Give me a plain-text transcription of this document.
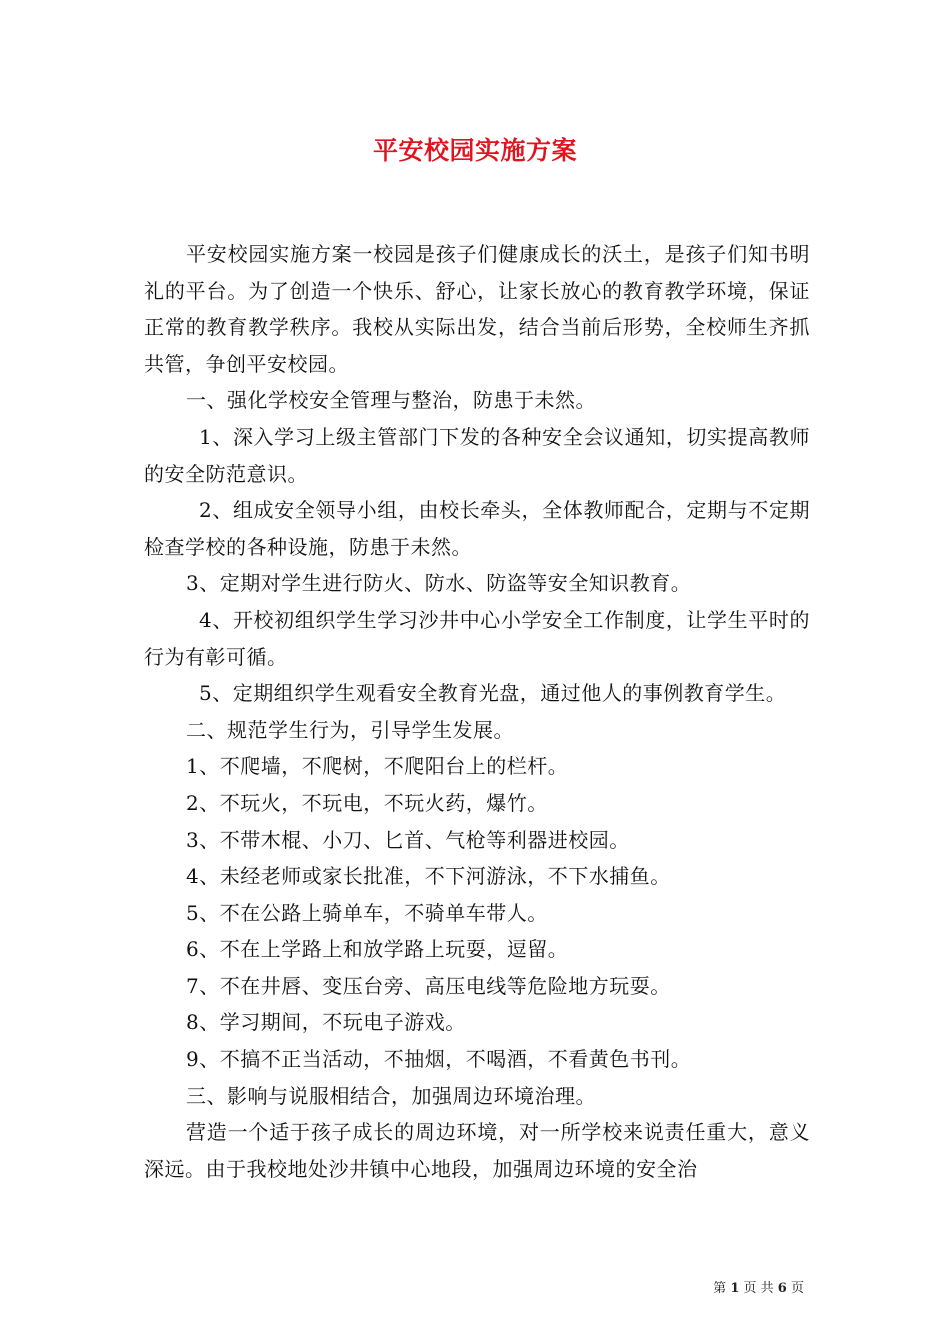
平安校园实施方案

平安校园实施方案一校园是孩子们健康成长的沃土，是孩子们知书明礼的平台。为了创造一个快乐、舒心，让家长放心的教育教学环境，保证正常的教育教学秩序。我校从实际出发，结合当前后形势，全校师生齐抓共管，争创平安校园。

一、强化学校安全管理与整治，防患于未然。

1、深入学习上级主管部门下发的各种安全会议通知，切实提高教师的安全防范意识。

2、组成安全领导小组，由校长牵头，全体教师配合，定期与不定期检查学校的各种设施，防患于未然。

3、定期对学生进行防火、防水、防盗等安全知识教育。

4、开校初组织学生学习沙井中心小学安全工作制度，让学生平时的行为有彰可循。

5、定期组织学生观看安全教育光盘，通过他人的事例教育学生。

二、规范学生行为，引导学生发展。

1、不爬墙，不爬树，不爬阳台上的栏杆。

2、不玩火，不玩电，不玩火药，爆竹。

3、不带木棍、小刀、匕首、气枪等利器进校园。

4、未经老师或家长批准，不下河游泳，不下水捕鱼。

5、不在公路上骑单车，不骑单车带人。

6、不在上学路上和放学路上玩耍，逗留。

7、不在井唇、变压台旁、高压电线等危险地方玩耍。

8、学习期间，不玩电子游戏。

9、不搞不正当活动，不抽烟，不喝酒，不看黄色书刊。

三、影响与说服相结合，加强周边环境治理。

营造一个适于孩子成长的周边环境，对一所学校来说责任重大，意义深远。由于我校地处沙井镇中心地段，加强周边环境的安全治

第 1 页 共 6 页
